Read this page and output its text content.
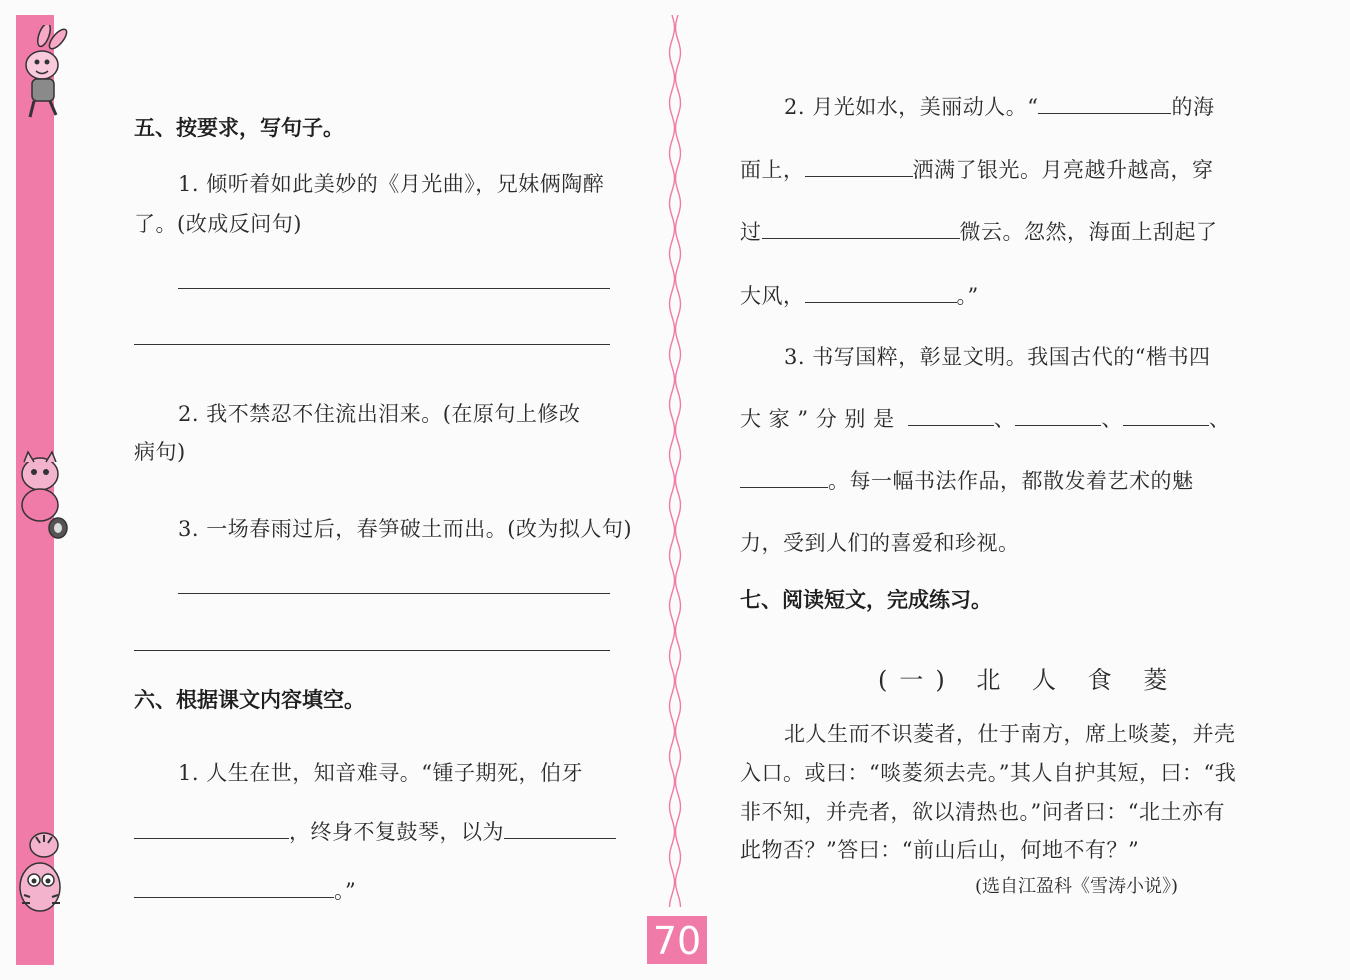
五、按要求，写句子。
1. 倾听着如此美妙的《月光曲》，兄妹俩陶醉
了。(改成反问句)
2. 我不禁忍不住流出泪来。(在原句上修改
病句)
3. 一场春雨过后，春笋破土而出。(改为拟人句)
六、根据课文内容填空。
1. 人生在世，知音难寻。“锺子期死，伯牙
，终身不复鼓琴，以为
。”
2. 月光如水，美丽动人。“	的海
面上，	洒满了银光。月亮越升越高，穿
过	微云。忽然，海面上刮起了
大风，	。”
3. 书写国粹，彰显文明。我国古代的“楷书四
大 家 ” 分 别 是	、	、	、
。每一幅书法作品，都散发着艺术的魅
力，受到人们的喜爱和珍视。
七、阅读短文，完成练习。
(一) 北 人 食 菱
北人生而不识菱者，仕于南方，席上啖菱，并壳
入口。或曰：“啖菱须去壳。”其人自护其短，曰：“我
非不知，并壳者，欲以清热也。”问者曰：“北土亦有
此物否？”答曰：“前山后山，何地不有？”
(选自江盈科《雪涛小说》)
70
